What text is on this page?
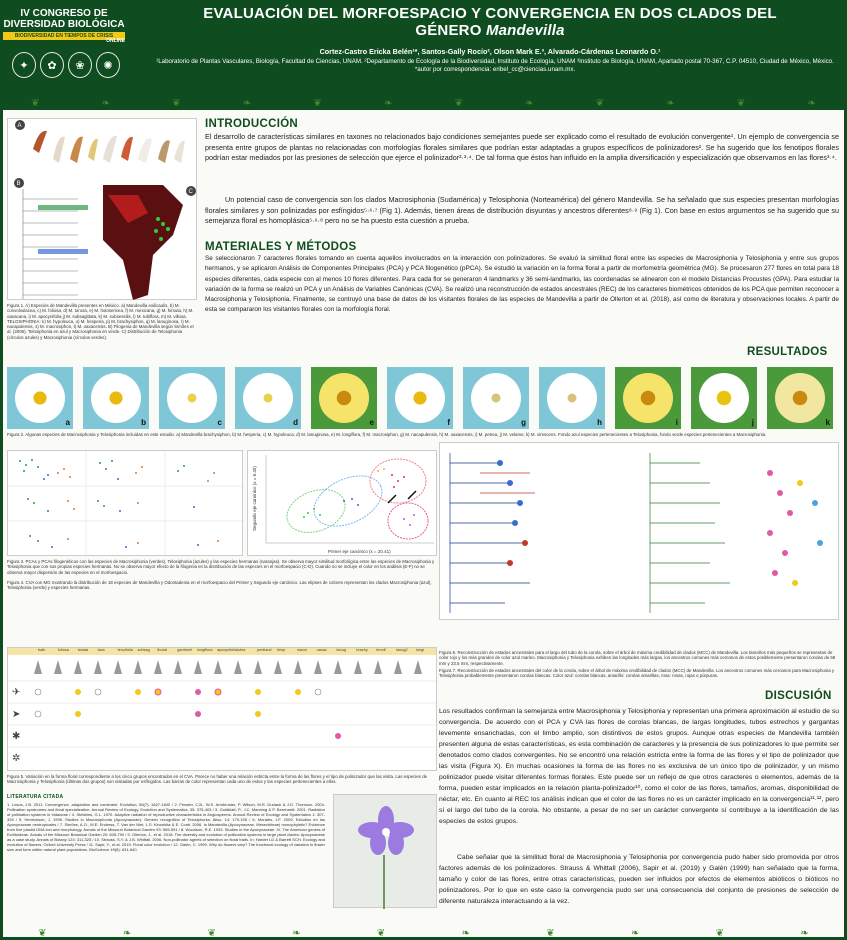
IV CONGRESO DE
DIVERSIDAD BIOLÓGICA
BIODIVERSIDAD EN TIEMPOS DE CRISIS
ONLINE
✦	✿	❀	✺
EVALUACIÓN DEL MORFOESPACIO Y CONVERGENCIA EN DOS CLADOS DEL
GÉNERO Mandevilla
Cortez-Castro Ericka Belén¹*, Santos-Gally Rocío², Olson Mark E.³, Alvarado-Cárdenas Leonardo O.¹
¹Laboratorio de Plantas Vasculares, Biología, Facultad de Ciencias, UNAM. ²Departamento de Ecología de la Biodiversidad, Instituto de Ecología, UNAM ³Instituto de Biología, UNAM, Apartado postal 70-367, C.P. 04510, Ciudad de México, México. *autor por correspondencia: eribel_cc@ciencias.unam.mx.
❦	❧	❦	❧	❦	❧	❦	❧	❦	❧	❦	❧
A
B
C
Figura 1. A) Especies de Mandevilla presentes en México. a) Mandevilla exilicaulis, b) M. convolvulacea, c) M. foliosa, d) M. torosa, e) M. holosericea, f) M. mexicana, g) M. hirsuta, h) M. oaxacana, i) M. apocynifolia j) M. subsagittata, k) M. subsessilis, l) M. tubiflora, m) M. villosa. TELOSIPHONIA: n) M. hypoleuca, o) M. hesperia, p) M. brachysiphon, q) M. lanuginosa, r) M. nacapulensis, s) M. macrosiphon, t) M. oaxacensis. B) Filogenia de Mandevilla según Simões et al. (2006). Telosiphonia en azul y Macrosiphonia en verde. C) Distribución de Telosiphonia (círculos azules) y Macrosiphonia (círculos verdes).
INTRODUCCIÓN
El desarrollo de características similares en taxones no relacionados bajo condiciones semejantes puede ser explicado como el resultado de evolución convergente¹. Un ejemplo de convergencia se presenta entre grupos de plantas no relacionadas con morfologías florales similares que podrían estar adaptadas a grupos específicos de polinizadores². Se ha sugerido que los fenotipos florales podrían estar mediados por las presiones de selección que ejerce el polinizador²·³·⁴. De tal forma que éstos han influido en la amplia diversificación y especialización que observamos en las flores³·⁴.
Un potencial caso de convergencia son los clados Macrosiphonia (Sudamérica) y Telosiphonia (Norteamérica) del género Mandevilla. Se ha señalado que sus especies presentan morfologías florales similares y son polinizadas por esfíngidos⁵·⁶·⁷ (Fig 1). Además, tienen áreas de distribución disyuntas y ancestros diferentes⁸·⁹ (Fig 1). Con base en estos argumentos se ha sugerido que su semejanza floral es homoplásica⁵·⁶·⁸ pero no se ha puesto esta cuestión a prueba.
MATERIALES Y MÉTODOS
Se seleccionaron 7 caracteres florales tomando en cuenta aquellos involucrados en la interacción con polinizadores. Se evaluó la similitud floral entre las especies de Macrosiphonia y Telosiphonia y entre sus grupos hermanos, y se aplicaron Análisis de Componentes Principales (PCA) y PCA filogenético (pPCA). Se estudió la variación en la forma floral a partir de morfometría geométrica (MG). Se procesaron 277 flores en total para 18 especies diferentes, cada especie con al menos 10 flores diferentes. Para cada flor se generaron 4 landmarks y 36 semi-landmarks, las coordenadas se alinearon con el modelo Distancias Procustes (GPA). Para estudiar la variación de la forma se realizó un PCA y un Análisis de Variables Canónicas (CVA). Se realizó una reconstrucción de estados ancestrales (REC) de los caracteres biométricos obtenidos de los PCA que permiten reconocer a Macrosiphonia y Telosiphonia. Finalmente, se contruyó una base de datos de los visitantes florales de las especies de Mandevilla a partir de Ollerton et al. (2018), así como de literatura y observaciones locales. A partir de esta se compararon los visitantes florales con la morfología floral.
RESULTADOS
a	b	c	d	e	f	g	h	i	j	k
Figura 2. Algunas especies de Macrosiphonia y Telosiphonia incluidas en este estudio. a) Mandevilla brachysiphon, b) M. hesperia, c) M. hypoleuca, d) M. lanuginosa, e) M. longiflora, f) M. macrosiphon, g) M. nacapulensis, h) M. oaxacensis, i) M. petrea, j) M. velame, k) M. virescens. Fondo azul especies pertenecientes a Telosiphonia, fondo verde especies pertenecientes a Macrosiphonia.
Primer eje canónico (x = 20.41)
Segundo eje canónico (x = 6.45)
Figura 3. PCAs y PCAs filogenéticos con las especies de Macrosiphonia (verdes), Telosiphonia (azules) y las especies hermanas (naranjas). Se observa mayor similitud morfológica entre las especies de Macrosiphonia y Telosiphonia que con sus propias especies hermanas. No se observa mayor efecto de la filogenia en la distribución de las especies en el morfoespacio (C-D). Cuando no se incluye el color en los análisis (E-F) no se observa mayor dispersión de las especies en el morfoespacio.
Figura 4. CVA con MG mostrando la distribución de 18 especies de Mandevilla y Odontadenia en el morfoespacio del Primer y Segundo eje canónico. Las elipses de colores representan los clados Macrosiphonia (azul), Telosiphonia (verde) y especies hermanas.
Figura 6. Reconstrucción de estados ancestrales para el largo del tubo de la corola, sobre el árbol de máxima credibilidad de clados (MCC) de Mandevilla. Los tamaños más pequeños se representan de color rojo y los más grandes de color azul marino. Macrosiphonia y Telosiphonia exhiben las longitudes más largas, los ancestros comunes más cercanos de estos posiblemente presentaron corolas de 68 mm y 23.5 mm, respectivamente.
Figura 7. Reconstrucción de estados ancestrales del color de la corola, sobre el árbol de máxima credibilidad de clados (MCC) de Mandevilla. Los ancestros comunes más cercanos para Macrosiphonia y Telosiphonia probablemente presentaron corolas blancas. Color azul: corolas blancas, amarillo: corolas amarillas, rosa: rosas, rojas o púrpuras.
bath	foliosa	lanata	laxa	tenuifolia	subsag	fluvial	gardnerii	longiflora	apocynifolia lutea	pentland	hesp	macro	oaxac	lanug	brachy	tenuif	lanug2	longi
✈
➤
✱
✲
Figura 5. Variación en la forma floral correspondiente a los cinco grupos encontrados en el CVA. Parece no haber una relación estricta entre la forma de las flores y el tipo de polinizador que las visita. Las especies de Macrosiphonia y Telosiphonia (últimas dos grupos) son visitadas por esfíngidos. Las barras de color representan cada uno de estos y las especies pertenecientes a ellos.
LITERATURA CITADA
1. Losos, J.B. 2011. Convergence, adaptation and constraint. Evolution, 65(7): 1827-1840 / 2. Fenster, C.B., W.S. Armbruster, P. Wilson, M.R. Dudash & J.D. Thomson. 2004. Pollination syndromes and floral specialization. Annual Review of Ecology, Evolution and Systematics. 35: 375-403 / 3. Goldblatt, P., J.C. Manning & P. Bernhardt. 2001. Radiation of pollination systems in Iridaceae / 4. Stebbins, G.L. 1970. Adaptive radiation of reproductive characteristics in Angiosperms. Annual Review of Ecology and Systematics 1: 307-326 / 5. Henrickson, J. 1996. Studies in Macrosiphonia (Apocynaceae): Generic recognition of Telosiphonia. Aliso. 14: 179-195 / 6. Morales, J.F. 2009. Estudios en las Apocynaceae neotropicales / 7. Simões, A.O., M.E. Endress, T. Van der Niet, L.S. Kinoshita & E. Conti. 2006. Is Mandevilla (Apocynaceae, Mesechiteae) monophyletic? Evidence from five plastid DNA loci and morphology. Annals of the Missouri Botanical Garden 93: 565-591 / 8. Woodson, R.E. 1933. Studies in the Apocynaceae. IV. The American genera of Echitoideae. Annals of the Missouri Botanical Garden 20: 605-790 / 9. Ollerton, J., et al. 2018. The diversity and evolution of pollination systems in large plant clades: Apocynaceae as a case study. Annals of Botany 123: 311-325 / 10. Strauss, S.Y. & J.B. Whittall. 2006. Non-pollinator agents of selection on floral traits. In: Harder LD & Barrett SCH. Ecology and evolution of flowers. Oxford University Press / 11. Sapir, Y., et al. 2019. Floral color evolution / 12. Galén, C. 1999. Why do flowers vary? The functional ecology of variation in flower size and form within natural plant populations. BioScience 49(8): 631-640.
DISCUSIÓN
Los resultados confirman la semejanza entre Macrosiphonia y Telosiphonia y representan una primera aproximación al estudio de su convergencia. De acuerdo con el PCA y CVA las flores de corolas blancas, de largas longitudes, tubos estrechos y gargantas levemente ensanchadas, con el limbo amplio, son distintivos de estos grupos. Aunque otras especies de Mandevilla también presenten alguna de estas características, es esta combinación de caracteres y la presencia de sus polinizadores lo que permite ser denotados como clados convergentes. No se encontró una relación estricta entre la forma de las flores y el tipo de polinizador que las visita (Figura X). En muchas ocasiones la forma de las flores no es exclusiva de un único tipo de polinizador, y un mismo polinizador puede visitar diferentes formas florales. Este puede ser un reflejo de que otros caracteres o elementos, además de la forma, pueden estar implicados en la relación planta-polinizador¹⁰, como el color de las flores, tamaños, aromas, disponibilidad de néctar, etc. En cuanto al REC los análisis indican que el color de las flores no es un carácter implicado en la convergencia¹¹·¹², pero sí el largo del tubo de la corola. No obstante, a pesar de no ser un carácter convergente sí contribuye a la identificación de las especies de estos grupos.
Cabe señalar que la similitud floral de Macrosiphonia y Telosiphonia por convergencia pudo haber sido promovida por otros factores además de los polinizadores. Strauss & Whittall (2006), Sapir et al. (2019) y Galén (1999) han señalado que la forma, tamaño y color de las flores, entre otras características, pueden ser influidos por efectos de elementos abióticos o bióticos no polinizadores. Por lo que en este caso la convergencia pudo ser una consecuencia del conjunto de presiones de selección de diferente naturaleza interactuando a la vez.
❦	❧	❦	❧	❦	❧	❦	❧	❦	❧
